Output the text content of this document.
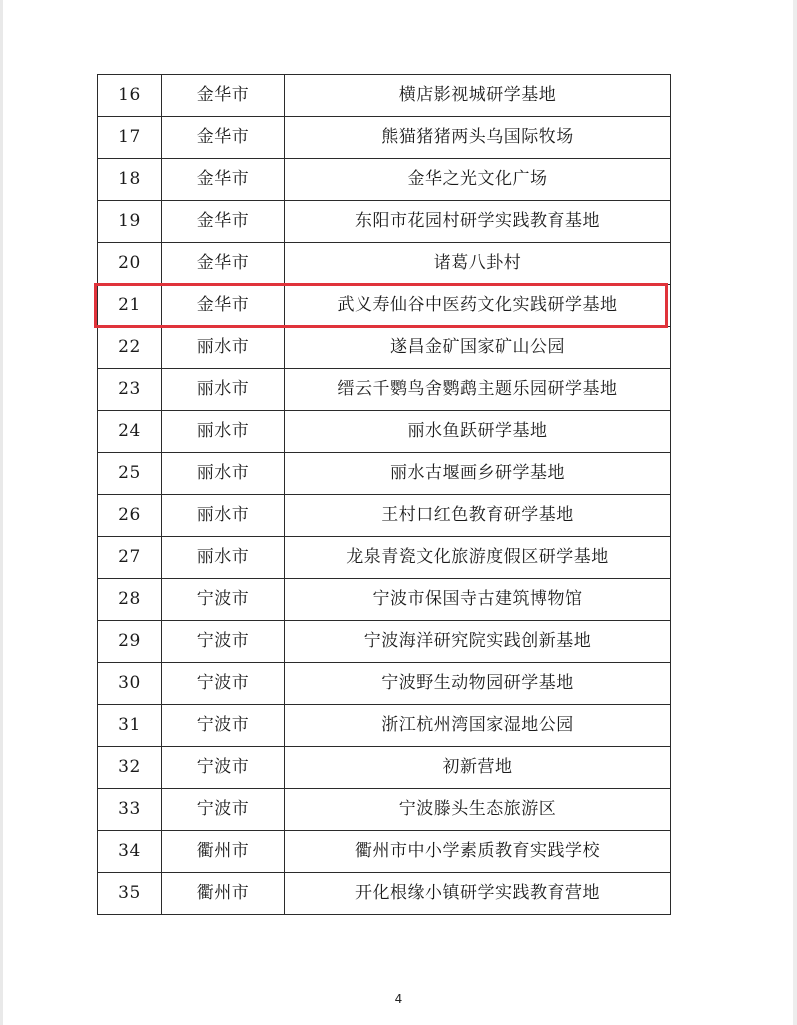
16	金华市	横店影视城研学基地
17	金华市	熊猫猪猪两头乌国际牧场
18	金华市	金华之光文化广场
19	金华市	东阳市花园村研学实践教育基地
20	金华市	诸葛八卦村
21	金华市	武义寿仙谷中医药文化实践研学基地
22	丽水市	遂昌金矿国家矿山公园
23	丽水市	缙云千鹦鸟舍鹦鹉主题乐园研学基地
24	丽水市	丽水鱼跃研学基地
25	丽水市	丽水古堰画乡研学基地
26	丽水市	王村口红色教育研学基地
27	丽水市	龙泉青瓷文化旅游度假区研学基地
28	宁波市	宁波市保国寺古建筑博物馆
29	宁波市	宁波海洋研究院实践创新基地
30	宁波市	宁波野生动物园研学基地
31	宁波市	浙江杭州湾国家湿地公园
32	宁波市	初新营地
33	宁波市	宁波滕头生态旅游区
34	衢州市	衢州市中小学素质教育实践学校
35	衢州市	开化根缘小镇研学实践教育营地
4
